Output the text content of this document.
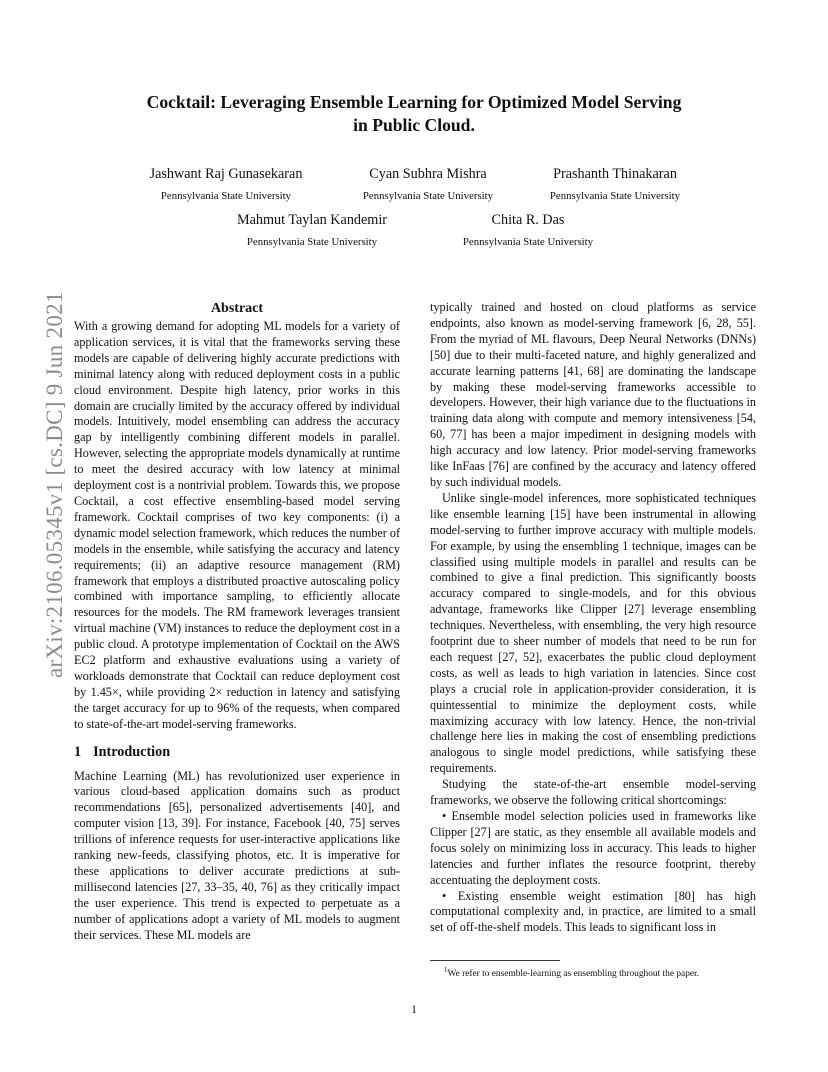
Cocktail: Leveraging Ensemble Learning for Optimized Model Serving
in Public Cloud.
Jashwant Raj Gunasekaran
Pennsylvania State University
Cyan Subhra Mishra
Pennsylvania State University
Prashanth Thinakaran
Pennsylvania State University
Mahmut Taylan Kandemir
Pennsylvania State University
Chita R. Das
Pennsylvania State University
arXiv:2106.05345v1 [cs.DC] 9 Jun 2021	Abstract

With a growing demand for adopting ML models for a variety of application services, it is vital that the frameworks serving these models are capable of delivering highly accurate predictions with minimal latency along with reduced deployment costs in a public cloud environment. Despite high latency, prior works in this domain are crucially limited by the accuracy offered by individual models. Intuitively, model ensembling can address the accuracy gap by intelligently combining different models in parallel. However, selecting the appropriate models dynamically at runtime to meet the desired accuracy with low latency at minimal deployment cost is a nontrivial problem. Towards this, we propose Cocktail, a cost effective ensembling-based model serving framework. Cocktail comprises of two key components: (i) a dynamic model selection framework, which reduces the number of models in the ensemble, while satisfying the accuracy and latency requirements; (ii) an adaptive resource management (RM) framework that employs a distributed proactive autoscaling policy combined with importance sampling, to efficiently allocate resources for the models. The RM framework leverages transient virtual machine (VM) instances to reduce the deployment cost in a public cloud. A prototype implementation of Cocktail on the AWS EC2 platform and exhaustive evaluations using a variety of workloads demonstrate that Cocktail can reduce deployment cost by 1.45×, while providing 2× reduction in latency and satisfying the target accuracy for up to 96% of the requests, when compared to state-of-the-art model-serving frameworks.

1 Introduction

Machine Learning (ML) has revolutionized user experience in various cloud-based application domains such as product recommendations [65], personalized advertisements [40], and computer vision [13, 39]. For instance, Facebook [40, 75] serves trillions of inference requests for user-interactive applications like ranking new-feeds, classifying photos, etc. It is imperative for these applications to deliver accurate predictions at sub-millisecond latencies [27, 33–35, 40, 76] as they critically impact the user experience. This trend is expected to perpetuate as a number of applications adopt a variety of ML models to augment their services. These ML models are

typically trained and hosted on cloud platforms as service endpoints, also known as model-serving framework [6, 28, 55]. From the myriad of ML flavours, Deep Neural Networks (DNNs) [50] due to their multi-faceted nature, and highly generalized and accurate learning patterns [41, 68] are dominating the landscape by making these model-serving frameworks accessible to developers. However, their high variance due to the fluctuations in training data along with compute and memory intensiveness [54, 60, 77] has been a major impediment in designing models with high accuracy and low latency. Prior model-serving frameworks like InFaas [76] are confined by the accuracy and latency offered by such individual models.

Unlike single-model inferences, more sophisticated techniques like ensemble learning [15] have been instrumental in allowing model-serving to further improve accuracy with multiple models. For example, by using the ensembling 1 technique, images can be classified using multiple models in parallel and results can be combined to give a final prediction. This significantly boosts accuracy compared to single-models, and for this obvious advantage, frameworks like Clipper [27] leverage ensembling techniques. Nevertheless, with ensembling, the very high resource footprint due to sheer number of models that need to be run for each request [27, 52], exacerbates the public cloud deployment costs, as well as leads to high variation in latencies. Since cost plays a crucial role in application-provider consideration, it is quintessential to minimize the deployment costs, while maximizing accuracy with low latency. Hence, the non-trivial challenge here lies in making the cost of ensembling predictions analogous to single model predictions, while satisfying these requirements.

Studying the state-of-the-art ensemble model-serving frameworks, we observe the following critical shortcomings:

• Ensemble model selection policies used in frameworks like Clipper [27] are static, as they ensemble all available models and focus solely on minimizing loss in accuracy. This leads to higher latencies and further inflates the resource footprint, thereby accentuating the deployment costs.

• Existing ensemble weight estimation [80] has high computational complexity and, in practice, are limited to a small set of off-the-shelf models. This leads to significant loss in

$^1$We refer to ensemble-learning as ensembling throughout the paper.
1
